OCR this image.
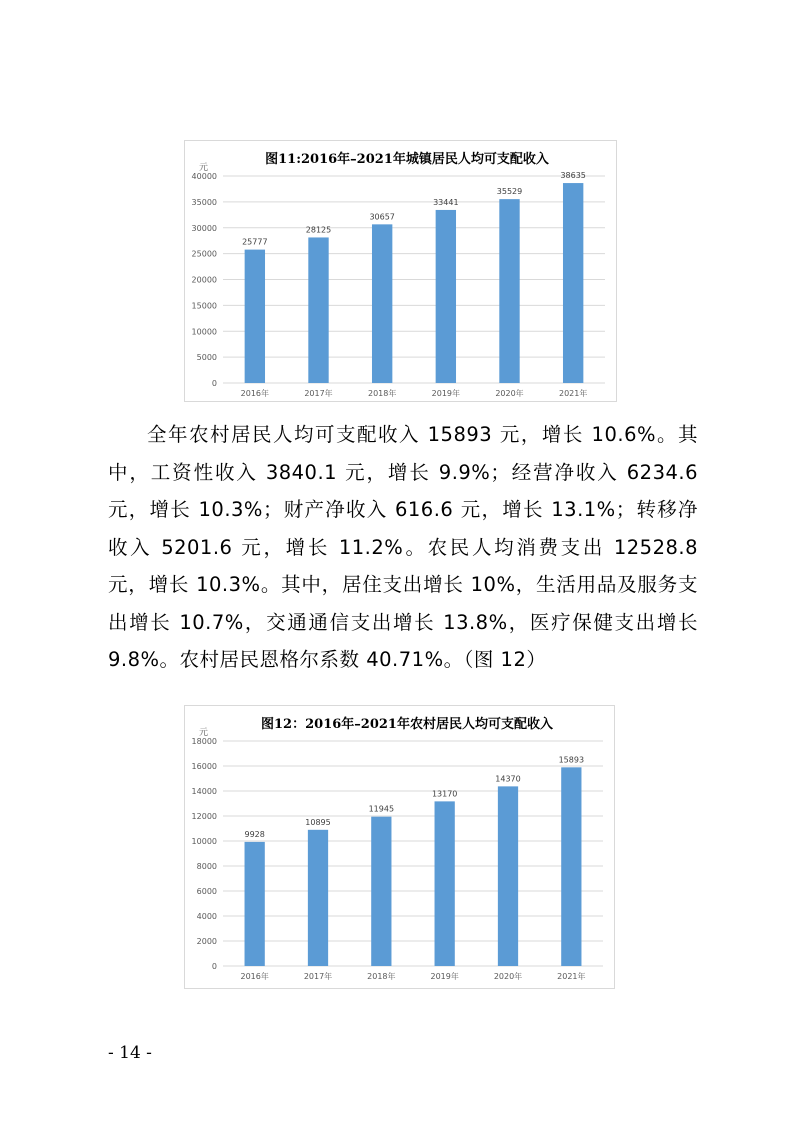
图11:2016年–2021年城镇居民人均可支配收入
元
0
5000
10000
15000
20000
25000
30000
35000
40000
25777
2016年
28125
2017年
30657
2018年
33441
2019年
35529
2020年
38635
2021年

全年农村居民人均可支配收入 15893 元，增长 10.6%。其中，工资性收入 3840.1 元，增长 9.9%；经营净收入 6234.6 元，增长 10.3%；财产净收入 616.6 元，增长 13.1%；转移净收入 5201.6 元，增长 11.2%。农民人均消费支出 12528.8 元，增长 10.3%。其中，居住支出增长 10%，生活用品及服务支出增长 10.7%，交通通信支出增长 13.8%，医疗保健支出增长 9.8%。农村居民恩格尔系数 40.71%。（图 12）

图12：2016年–2021年农村居民人均可支配收入
元
0
2000
4000
6000
8000
10000
12000
14000
16000
18000
9928
2016年
10895
2017年
11945
2018年
13170
2019年
14370
2020年
15893
2021年
- 14 -
